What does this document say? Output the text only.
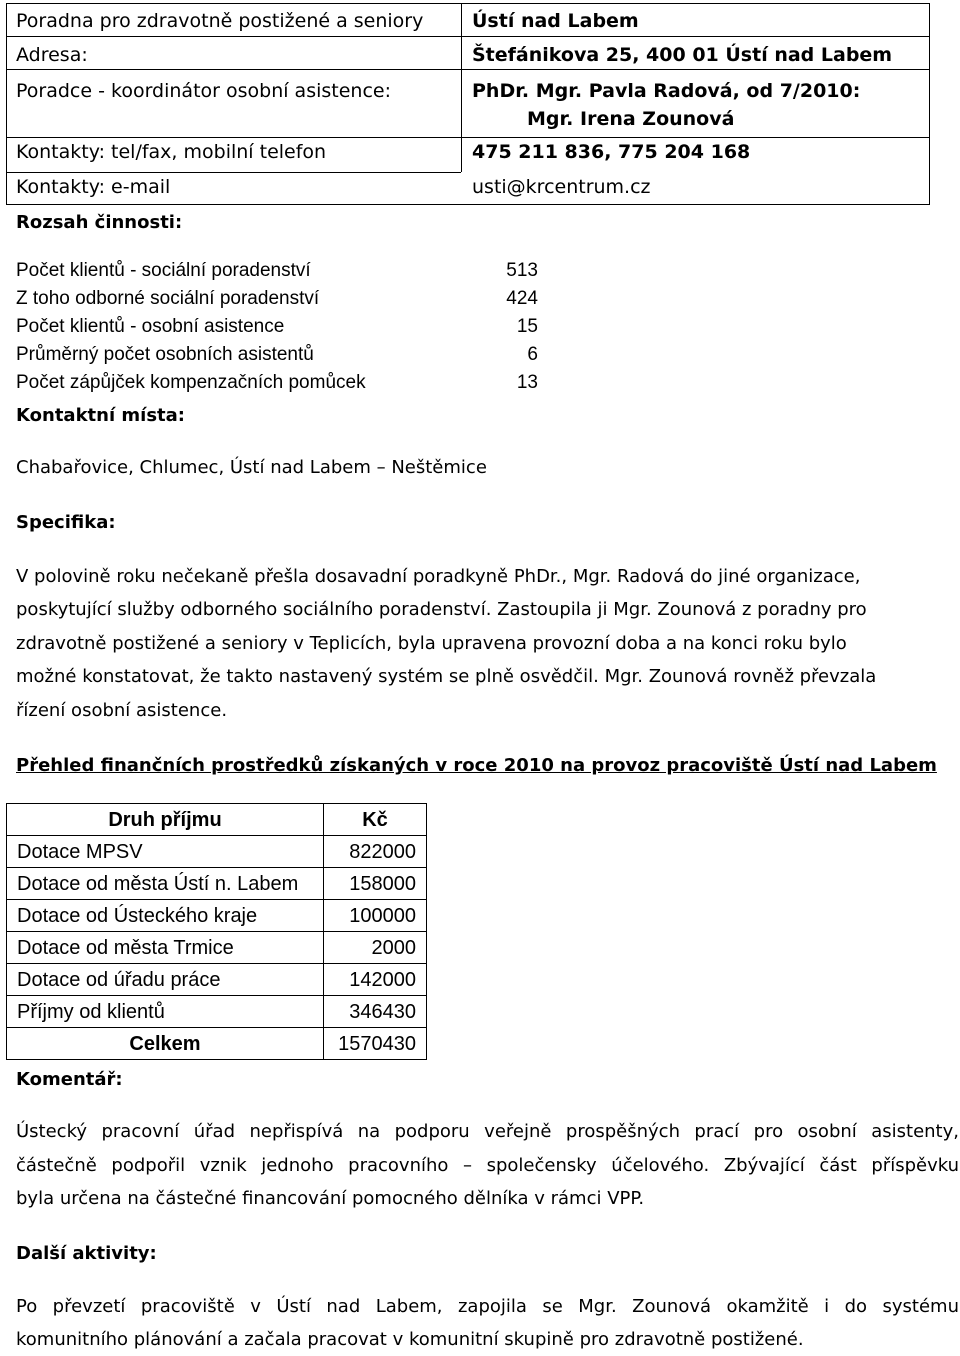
Poradna pro zdravotně postižené a seniory	Ústí nad Labem
Adresa:	Štefánikova 25, 400 01 Ústí nad Labem
Poradce - koordinátor osobní asistence:	PhDr. Mgr. Pavla Radová, od 7/2010:
Mgr. Irena Zounová
Kontakty: tel/fax, mobilní telefon	475 211 836, 775 204 168
Kontakty: e-mail	usti@krcentrum.cz
Rozsah činnosti:
Počet klientů - sociální poradenství	513
Z toho odborné sociální poradenství	424
Počet klientů - osobní asistence	15
Průměrný počet osobních asistentů	6
Počet zápůjček kompenzačních pomůcek	13
Kontaktní místa:
Chabařovice, Chlumec, Ústí nad Labem – Neštěmice
Specifika:
V polovině roku nečekaně přešla dosavadní poradkyně PhDr., Mgr. Radová do jiné organizace,
poskytující služby odborného sociálního poradenství. Zastoupila ji Mgr. Zounová z poradny pro
zdravotně postižené a seniory v Teplicích, byla upravena provozní doba a na konci roku bylo
možné konstatovat, že takto nastavený systém se plně osvědčil. Mgr. Zounová rovněž převzala
řízení osobní asistence.
Přehled finančních prostředků získaných v roce 2010 na provoz pracoviště Ústí nad Labem
Druh příjmu	Kč
Dotace MPSV	822000
Dotace od města Ústí n. Labem	158000
Dotace od Ústeckého kraje	100000
Dotace od města Trmice	2000
Dotace od úřadu práce	142000
Příjmy od klientů	346430
Celkem	1570430
Komentář:
Ústecký pracovní úřad nepřispívá na podporu veřejně prospěšných prací pro osobní asistenty,
částečně podpořil vznik jednoho pracovního – společensky účelového. Zbývající část příspěvku
byla určena na částečné financování pomocného dělníka v rámci VPP.
Další aktivity:
Po převzetí pracoviště v Ústí nad Labem, zapojila se Mgr. Zounová okamžitě i do systému
komunitního plánování a začala pracovat v komunitní skupině pro zdravotně postižené.
